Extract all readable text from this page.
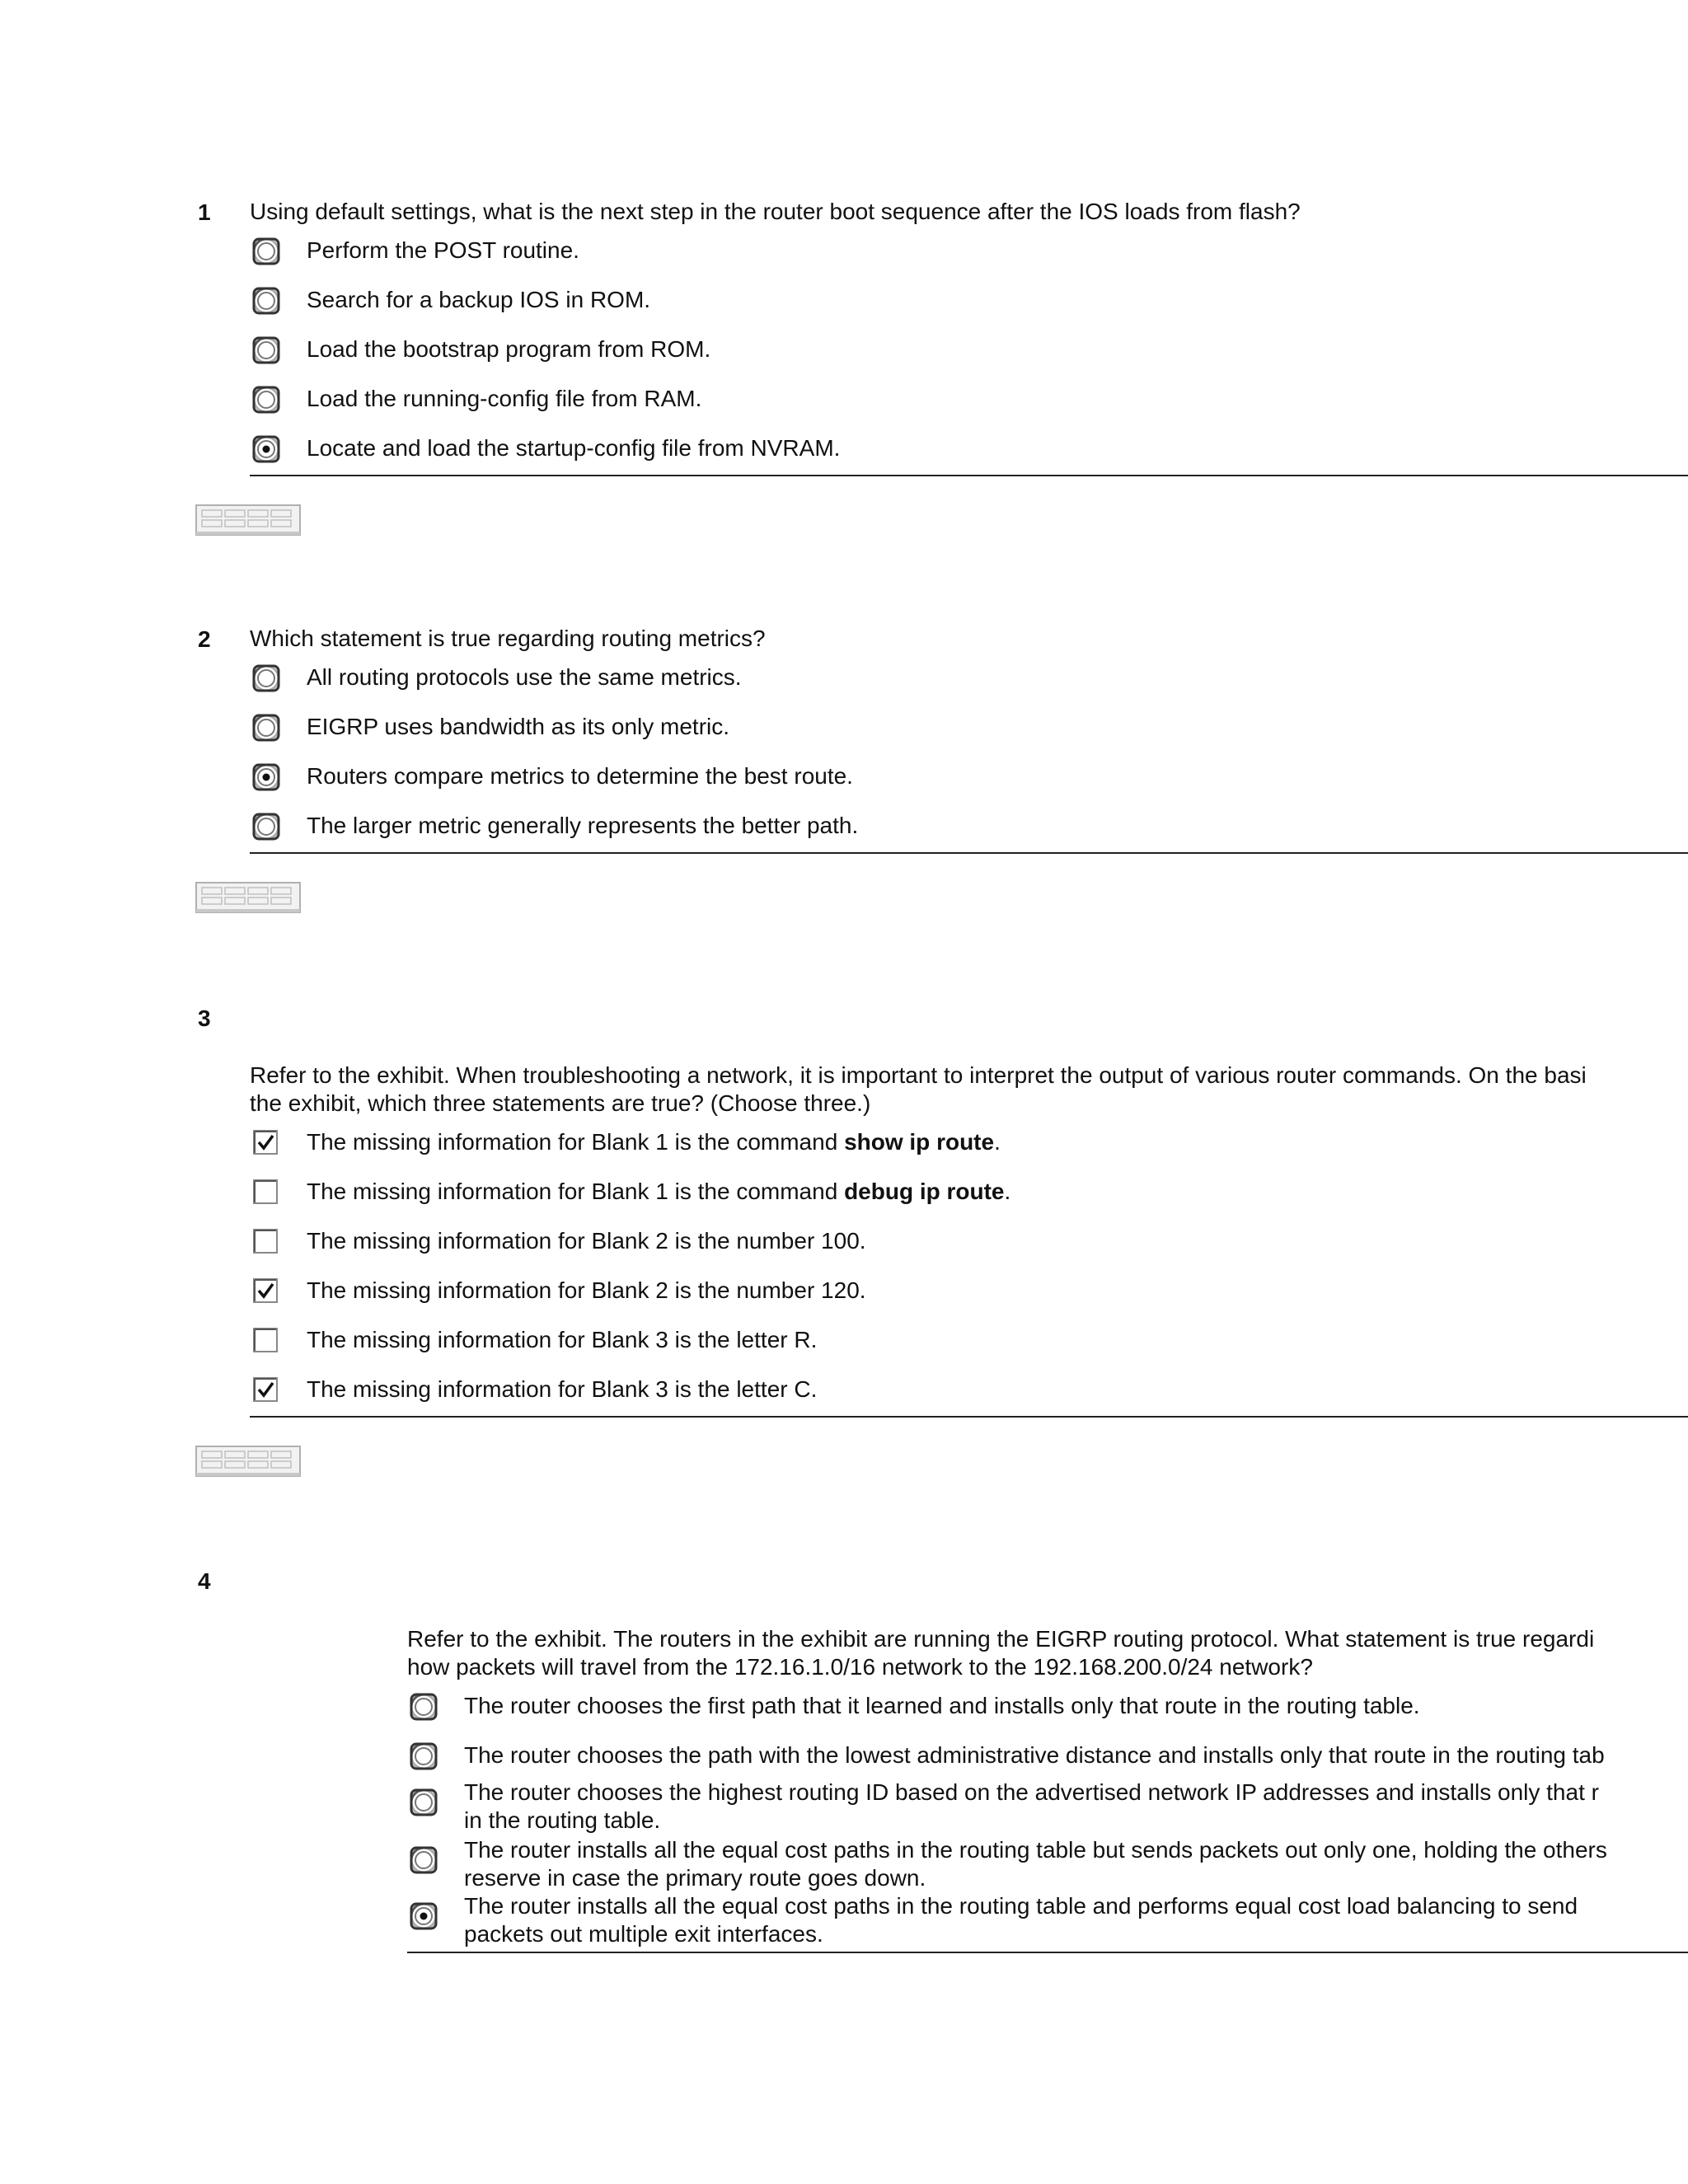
1 Using default settings, what is the next step in the router boot sequence after the IOS loads from flash?
Perform the POST routine.
Search for a backup IOS in ROM.
Load the bootstrap program from ROM.
Load the running-config file from RAM.
Locate and load the startup-config file from NVRAM.
2 Which statement is true regarding routing metrics?
All routing protocols use the same metrics.
EIGRP uses bandwidth as its only metric.
Routers compare metrics to determine the best route.
The larger metric generally represents the better path.
3
Refer to the exhibit. When troubleshooting a network, it is important to interpret the output of various router commands. On the basi
the exhibit, which three statements are true? (Choose three.)
The missing information for Blank 1 is the command show ip route.
The missing information for Blank 1 is the command debug ip route.
The missing information for Blank 2 is the number 100.
The missing information for Blank 2 is the number 120.
The missing information for Blank 3 is the letter R.
The missing information for Blank 3 is the letter C.
4
Refer to the exhibit. The routers in the exhibit are running the EIGRP routing protocol. What statement is true regardi
how packets will travel from the 172.16.1.0/16 network to the 192.168.200.0/24 network?
The router chooses the first path that it learned and installs only that route in the routing table.
The router chooses the path with the lowest administrative distance and installs only that route in the routing tab
The router chooses the highest routing ID based on the advertised network IP addresses and installs only that r
in the routing table.
The router installs all the equal cost paths in the routing table but sends packets out only one, holding the others
reserve in case the primary route goes down.
The router installs all the equal cost paths in the routing table and performs equal cost load balancing to send
packets out multiple exit interfaces.
